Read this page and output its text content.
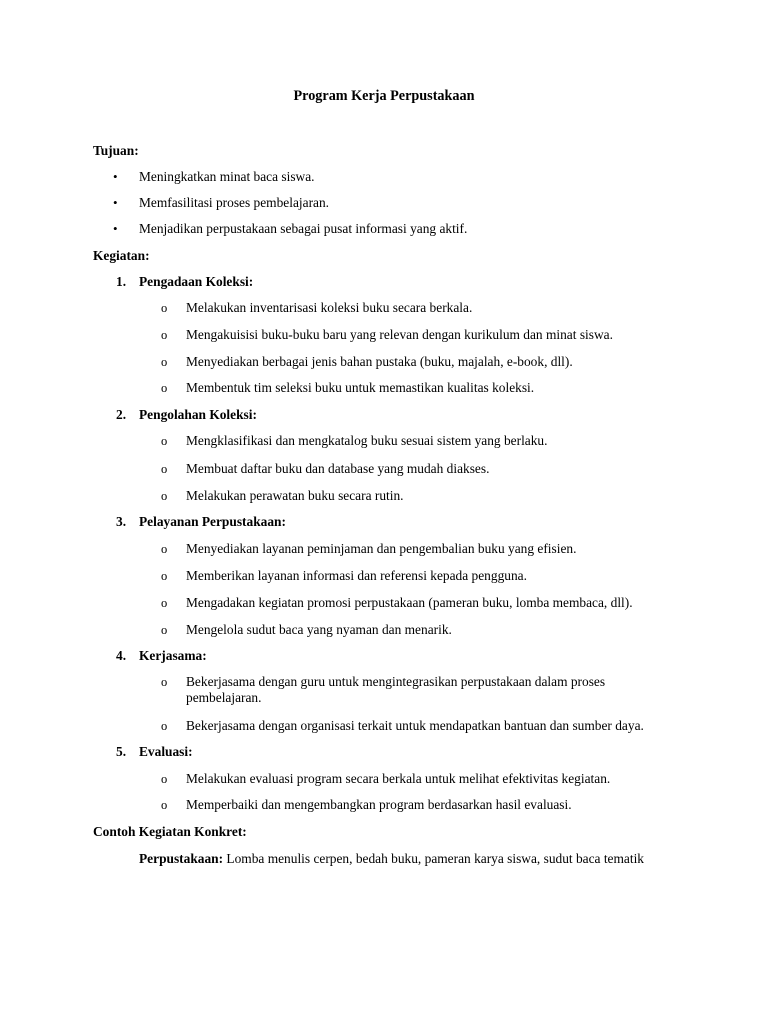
Program Kerja Perpustakaan
Tujuan:
• Meningkatkan minat baca siswa.
• Memfasilitasi proses pembelajaran.
• Menjadikan perpustakaan sebagai pusat informasi yang aktif.
Kegiatan:
1. Pengadaan Koleksi:
o Melakukan inventarisasi koleksi buku secara berkala.
o Mengakuisisi buku-buku baru yang relevan dengan kurikulum dan minat siswa.
o Menyediakan berbagai jenis bahan pustaka (buku, majalah, e-book, dll).
o Membentuk tim seleksi buku untuk memastikan kualitas koleksi.
2. Pengolahan Koleksi:
o Mengklasifikasi dan mengkatalog buku sesuai sistem yang berlaku.
o Membuat daftar buku dan database yang mudah diakses.
o Melakukan perawatan buku secara rutin.
3. Pelayanan Perpustakaan:
o Menyediakan layanan peminjaman dan pengembalian buku yang efisien.
o Memberikan layanan informasi dan referensi kepada pengguna.
o Mengadakan kegiatan promosi perpustakaan (pameran buku, lomba membaca, dll).
o Mengelola sudut baca yang nyaman dan menarik.
4. Kerjasama:
o Bekerjasama dengan guru untuk mengintegrasikan perpustakaan dalam proses pembelajaran.
o Bekerjasama dengan organisasi terkait untuk mendapatkan bantuan dan sumber daya.
5. Evaluasi:
o Melakukan evaluasi program secara berkala untuk melihat efektivitas kegiatan.
o Memperbaiki dan mengembangkan program berdasarkan hasil evaluasi.
Contoh Kegiatan Konkret:
Perpustakaan: Lomba menulis cerpen, bedah buku, pameran karya siswa, sudut baca tematik
